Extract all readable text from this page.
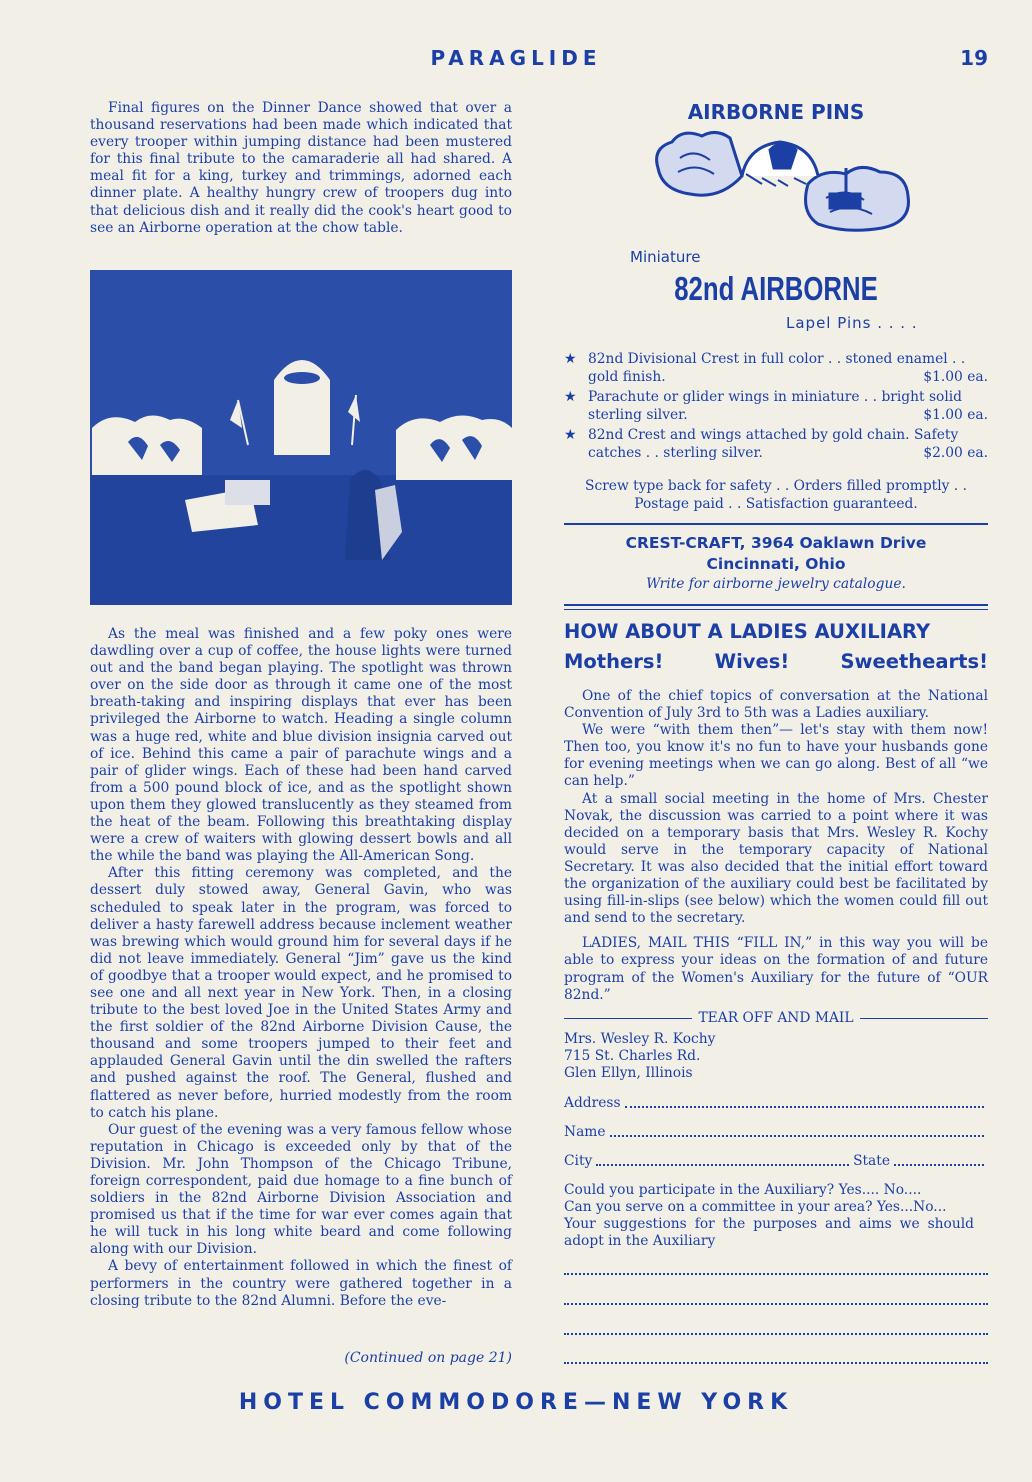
PARAGLIDE	19

Final figures on the Dinner Dance showed that over a thousand reservations had been made which indicated that every trooper within jumping distance had been mustered for this final tribute to the camaraderie all had shared. A meal fit for a king, turkey and trimmings, adorned each dinner plate. A healthy hungry crew of troopers dug into that delicious dish and it really did the cook's heart good to see an Airborne operation at the chow table.

As the meal was finished and a few poky ones were dawdling over a cup of coffee, the house lights were turned out and the band began playing. The spotlight was thrown over on the side door as through it came one of the most breath-taking and inspiring displays that ever has been privileged the Airborne to watch. Heading a single column was a huge red, white and blue division insignia carved out of ice. Behind this came a pair of parachute wings and a pair of glider wings. Each of these had been hand carved from a 500 pound block of ice, and as the spotlight shown upon them they glowed translucently as they steamed from the heat of the beam. Following this breathtaking display were a crew of waiters with glowing dessert bowls and all the while the band was playing the All-American Song.

After this fitting ceremony was completed, and the dessert duly stowed away, General Gavin, who was scheduled to speak later in the program, was forced to deliver a hasty farewell address because inclement weather was brewing which would ground him for several days if he did not leave immediately. General “Jim” gave us the kind of goodbye that a trooper would expect, and he promised to see one and all next year in New York. Then, in a closing tribute to the best loved Joe in the United States Army and the first soldier of the 82nd Airborne Division Cause, the thousand and some troopers jumped to their feet and applauded General Gavin until the din swelled the rafters and pushed against the roof. The General, flushed and flattered as never before, hurried modestly from the room to catch his plane.

Our guest of the evening was a very famous fellow whose reputation in Chicago is exceeded only by that of the Division. Mr. John Thompson of the Chicago Tribune, foreign correspondent, paid due homage to a fine bunch of soldiers in the 82nd Airborne Division Association and promised us that if the time for war ever comes again that he will tuck in his long white beard and come following along with our Division.

A bevy of entertainment followed in which the finest of performers in the country were gathered together in a closing tribute to the 82nd Alumni. Before the eve-

(Continued on page 21)
AIRBORNE PINS
Miniature
82nd AIRBORNE
Lapel Pins . . . .
★ 82nd Divisional Crest in full color . . stoned enamel . . gold finish.	$1.00 ea.
★ Parachute or glider wings in miniature . . bright solid sterling silver.	$1.00 ea.
★ 82nd Crest and wings attached by gold chain. Safety catches . . sterling silver.	$2.00 ea.
Screw type back for safety . . Orders filled promptly . . Postage paid . . Satisfaction guaranteed.
CREST-CRAFT, 3964 Oaklawn Drive
Cincinnati, Ohio
Write for airborne jewelry catalogue.
HOW ABOUT A LADIES AUXILIARY
Mothers!	Wives!	Sweethearts!

One of the chief topics of conversation at the National Convention of July 3rd to 5th was a Ladies auxiliary.

We were “with them then”— let's stay with them now! Then too, you know it's no fun to have your husbands gone for evening meetings when we can go along. Best of all “we can help.”

At a small social meeting in the home of Mrs. Chester Novak, the discussion was carried to a point where it was decided on a temporary basis that Mrs. Wesley R. Kochy would serve in the temporary capacity of National Secretary. It was also decided that the initial effort toward the organization of the auxiliary could best be facilitated by using fill-in-slips (see below) which the women could fill out and send to the secretary.

LADIES, MAIL THIS “FILL IN,” in this way you will be able to express your ideas on the formation of and future program of the Women's Auxiliary for the future of “OUR 82nd.”

TEAR OFF AND MAIL
Mrs. Wesley R. Kochy
715 St. Charles Rd.
Glen Ellyn, Illinois
Address
Name
City	State
Could you participate in the Auxiliary? Yes.... No....
Can you serve on a committee in your area? Yes...No...
Your suggestions for the purposes and aims we should adopt in the Auxiliary
HOTEL COMMODORE—NEW YORK
